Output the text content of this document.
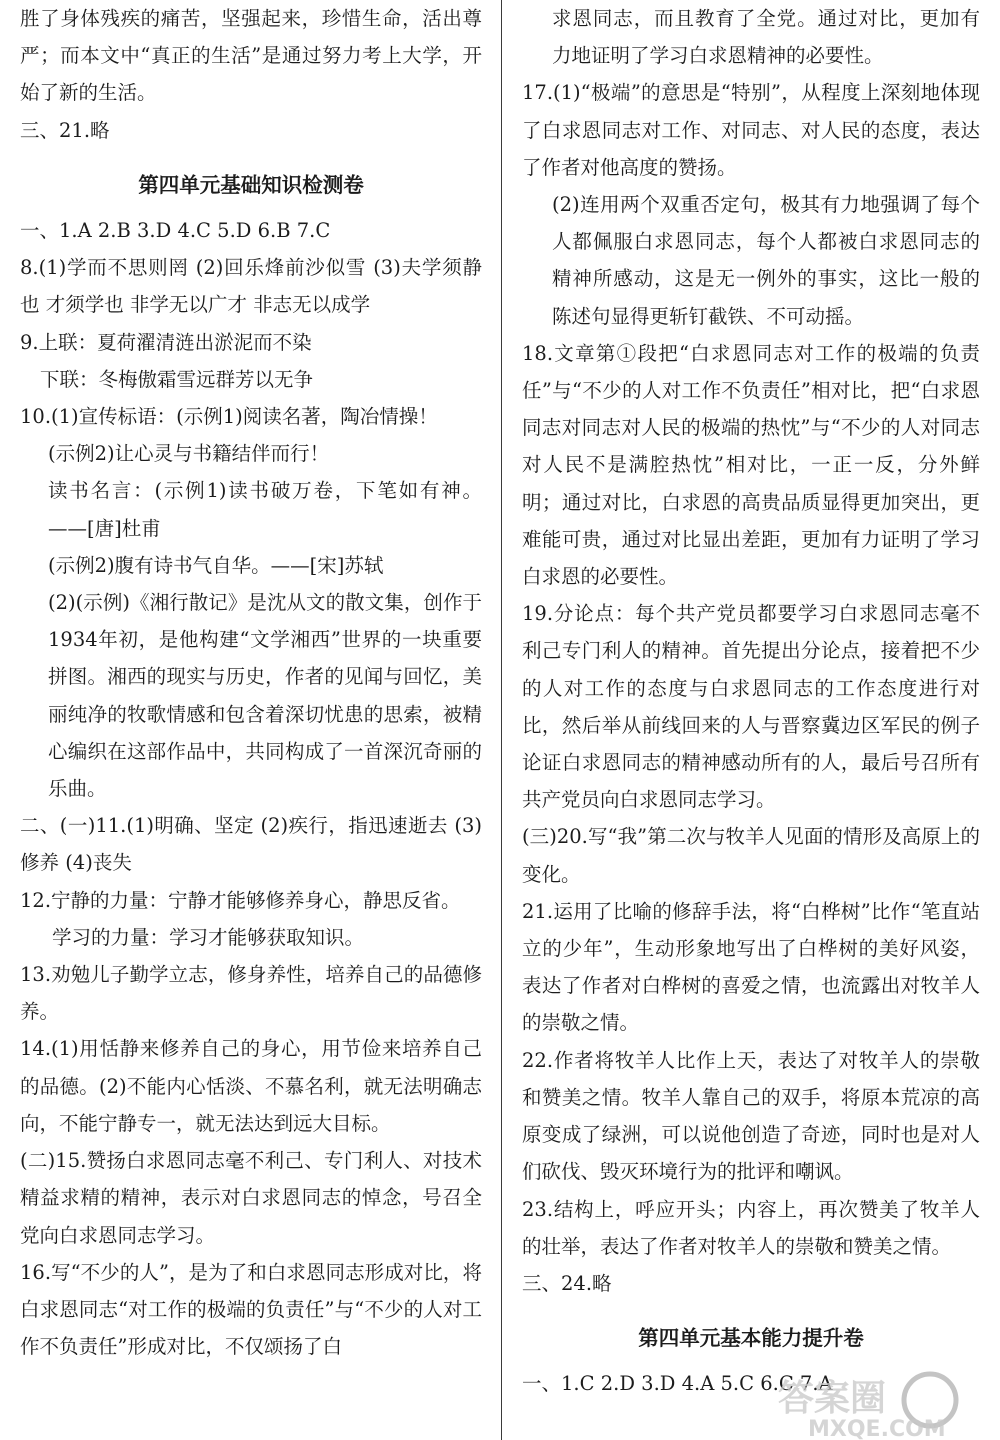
胜了身体残疾的痛苦，坚强起来，珍惜生命，活出尊严；而本文中“真正的生活”是通过努力考上大学，开始了新的生活。
三、21.略
第四单元基础知识检测卷
一、1.A 2.B 3.D 4.C 5.D 6.B 7.C
8.(1)学而不思则罔 (2)回乐烽前沙似雪 (3)夫学须静也 才须学也 非学无以广才 非志无以成学
9.上联：夏荷濯清涟出淤泥而不染
下联：冬梅傲霜雪远群芳以无争
10.(1)宣传标语：(示例1)阅读名著，陶冶情操！
(示例2)让心灵与书籍结伴而行！
读书名言：(示例1)读书破万卷，下笔如有神。——[唐]杜甫
(示例2)腹有诗书气自华。——[宋]苏轼
(2)(示例)《湘行散记》是沈从文的散文集，创作于1934年初，是他构建“文学湘西”世界的一块重要拼图。湘西的现实与历史，作者的见闻与回忆，美丽纯净的牧歌情感和包含着深切忧患的思索，被精心编织在这部作品中，共同构成了一首深沉奇丽的乐曲。
二、(一)11.(1)明确、坚定 (2)疾行，指迅速逝去 (3)修养 (4)丧失
12.宁静的力量：宁静才能够修养身心，静思反省。
学习的力量：学习才能够获取知识。
13.劝勉儿子勤学立志，修身养性，培养自己的品德修养。
14.(1)用恬静来修养自己的身心，用节俭来培养自己的品德。(2)不能内心恬淡、不慕名利，就无法明确志向，不能宁静专一，就无法达到远大目标。
(二)15.赞扬白求恩同志毫不利己、专门利人、对技术精益求精的精神，表示对白求恩同志的悼念，号召全党向白求恩同志学习。
16.写“不少的人”，是为了和白求恩同志形成对比，将白求恩同志“对工作的极端的负责任”与“不少的人对工作不负责任”形成对比，不仅颂扬了白
求恩同志，而且教育了全党。通过对比，更加有力地证明了学习白求恩精神的必要性。
17.(1)“极端”的意思是“特别”，从程度上深刻地体现了白求恩同志对工作、对同志、对人民的态度，表达了作者对他高度的赞扬。
(2)连用两个双重否定句，极其有力地强调了每个人都佩服白求恩同志，每个人都被白求恩同志的精神所感动，这是无一例外的事实，这比一般的陈述句显得更斩钉截铁、不可动摇。
18.文章第①段把“白求恩同志对工作的极端的负责任”与“不少的人对工作不负责任”相对比，把“白求恩同志对同志对人民的极端的热忱”与“不少的人对同志对人民不是满腔热忱”相对比，一正一反，分外鲜明；通过对比，白求恩的高贵品质显得更加突出，更难能可贵，通过对比显出差距，更加有力证明了学习白求恩的必要性。
19.分论点：每个共产党员都要学习白求恩同志毫不利己专门利人的精神。首先提出分论点，接着把不少的人对工作的态度与白求恩同志的工作态度进行对比，然后举从前线回来的人与晋察冀边区军民的例子论证白求恩同志的精神感动所有的人，最后号召所有共产党员向白求恩同志学习。
(三)20.写“我”第二次与牧羊人见面的情形及高原上的变化。
21.运用了比喻的修辞手法，将“白桦树”比作“笔直站立的少年”，生动形象地写出了白桦树的美好风姿，表达了作者对白桦树的喜爱之情，也流露出对牧羊人的崇敬之情。
22.作者将牧羊人比作上天，表达了对牧羊人的崇敬和赞美之情。牧羊人靠自己的双手，将原本荒凉的高原变成了绿洲，可以说他创造了奇迹，同时也是对人们砍伐、毁灭环境行为的批评和嘲讽。
23.结构上，呼应开头；内容上，再次赞美了牧羊人的壮举，表达了作者对牧羊人的崇敬和赞美之情。
三、24.略
第四单元基本能力提升卷
一、1.C 2.D 3.D 4.A 5.C 6.C 7.A
答案圈
MXQE.COM
